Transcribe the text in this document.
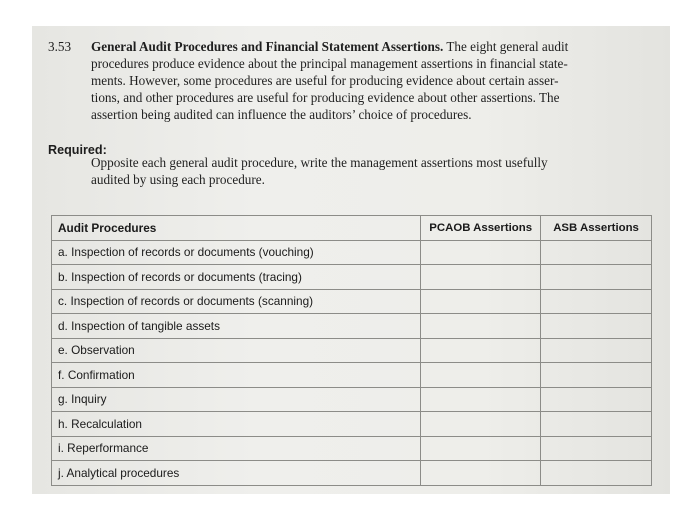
3.53 General Audit Procedures and Financial Statement Assertions. The eight general audit
procedures produce evidence about the principal management assertions in financial state-
ments. However, some procedures are useful for producing evidence about certain asser-
tions, and other procedures are useful for producing evidence about other assertions. The
assertion being audited can influence the auditors’ choice of procedures.
Required:
Opposite each general audit procedure, write the management assertions most usefully
audited by using each procedure.
Audit Procedures	PCAOB Assertions	ASB Assertions
a. Inspection of records or documents (vouching)		
b. Inspection of records or documents (tracing)		
c. Inspection of records or documents (scanning)		
d. Inspection of tangible assets		
e. Observation		
f. Confirmation		
g. Inquiry		
h. Recalculation		
i. Reperformance		
j. Analytical procedures		
